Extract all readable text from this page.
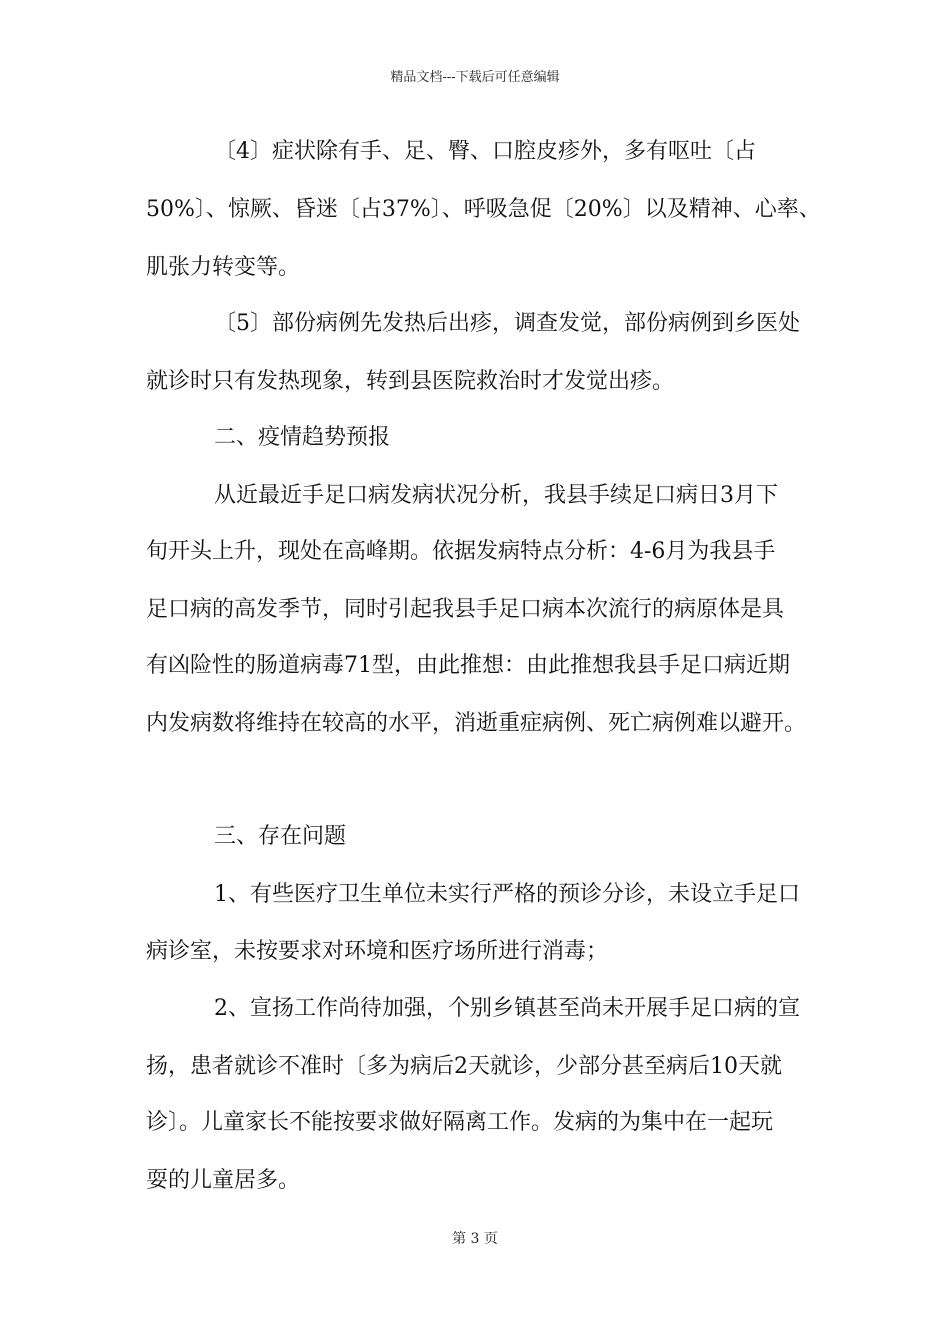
精品文档---下载后可任意编辑
〔4〕症状除有手、足、臀、口腔皮疹外，多有呕吐〔占
50%〕、惊厥、昏迷〔占37%〕、呼吸急促〔20%〕以及精神、心率、
肌张力转变等。
〔5〕部份病例先发热后出疹，调查发觉，部份病例到乡医处
就诊时只有发热现象，转到县医院救治时才发觉出疹。
二、疫情趋势预报
从近最近手足口病发病状况分析，我县手续足口病日3月下
旬开头上升，现处在高峰期。依据发病特点分析：4-6月为我县手
足口病的高发季节，同时引起我县手足口病本次流行的病原体是具
有凶险性的肠道病毒71型，由此推想：由此推想我县手足口病近期
内发病数将维持在较高的水平，消逝重症病例、死亡病例难以避开。
三、存在问题
1、有些医疗卫生单位未实行严格的预诊分诊，未设立手足口
病诊室，未按要求对环境和医疗场所进行消毒；
2、宣扬工作尚待加强，个别乡镇甚至尚未开展手足口病的宣
扬，患者就诊不准时〔多为病后2天就诊，少部分甚至病后10天就
诊〕。儿童家长不能按要求做好隔离工作。发病的为集中在一起玩
耍的儿童居多。
第 3 页
